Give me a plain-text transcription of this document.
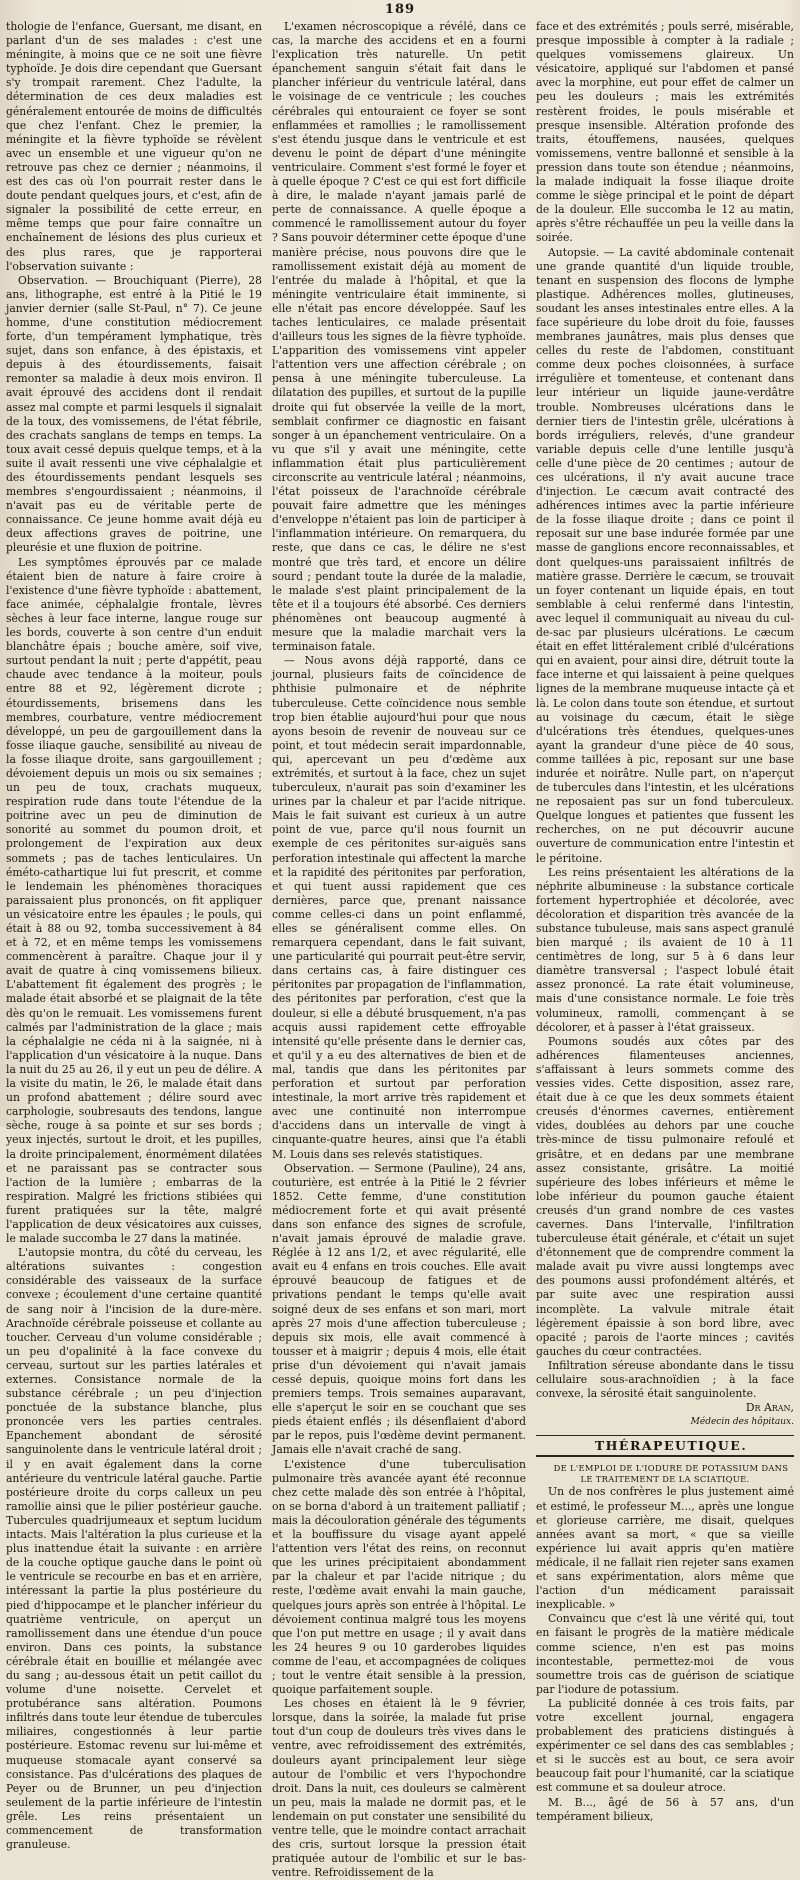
189

thologie de l'enfance, Guersant, me disant, en parlant d'un de ses malades : c'est une méningite, à moins que ce ne soit une fièvre typhoïde. Je dois dire cependant que Guersant s'y trompait rarement. Chez l'adulte, la détermination de ces deux maladies est généralement entourée de moins de difficultés que chez l'enfant. Chez le premier, la méningite et la fièvre typhoïde se révèlent avec un ensemble et une vigueur qu'on ne retrouve pas chez ce dernier ; néanmoins, il est des cas où l'on pourrait rester dans le doute pendant quelques jours, et c'est, afin de signaler la possibilité de cette erreur, en même temps que pour faire connaître un enchaînement de lésions des plus curieux et des plus rares, que je rapporterai l'observation suivante :

Observation. — Brouchiquant (Pierre), 28 ans, lithographe, est entré à la Pitié le 19 janvier dernier (salle St-Paul, n° 7). Ce jeune homme, d'une constitution médiocrement forte, d'un tempérament lymphatique, très sujet, dans son enfance, à des épistaxis, et depuis à des étourdissements, faisait remonter sa maladie à deux mois environ. Il avait éprouvé des accidens dont il rendait assez mal compte et parmi lesquels il signalait de la toux, des vomissemens, de l'état fébrile, des crachats sanglans de temps en temps. La toux avait cessé depuis quelque temps, et à la suite il avait ressenti une vive céphalalgie et des étourdissements pendant lesquels ses membres s'engourdissaient ; néanmoins, il n'avait pas eu de véritable perte de connaissance. Ce jeune homme avait déjà eu deux affections graves de poitrine, une pleurésie et une fluxion de poitrine.

Les symptômes éprouvés par ce malade étaient bien de nature à faire croire à l'existence d'une fièvre typhoïde : abattement, face animée, céphalalgie frontale, lèvres sèches à leur face interne, langue rouge sur les bords, couverte à son centre d'un enduit blanchâtre épais ; bouche amère, soif vive, surtout pendant la nuit ; perte d'appétit, peau chaude avec tendance à la moiteur, pouls entre 88 et 92, légèrement dicrote ; étourdissements, brisemens dans les membres, courbature, ventre médiocrement développé, un peu de gargouillement dans la fosse iliaque gauche, sensibilité au niveau de la fosse iliaque droite, sans gargouillement ; dévoiement depuis un mois ou six semaines ; un peu de toux, crachats muqueux, respiration rude dans toute l'étendue de la poitrine avec un peu de diminution de sonorité au sommet du poumon droit, et prolongement de l'expiration aux deux sommets ; pas de taches lenticulaires. Un éméto-cathartique lui fut prescrit, et comme le lendemain les phénomènes thoraciques paraissaient plus prononcés, on fit appliquer un vésicatoire entre les épaules ; le pouls, qui était à 88 ou 92, tomba successivement à 84 et à 72, et en même temps les vomissemens commencèrent à paraître. Chaque jour il y avait de quatre à cinq vomissemens bilieux. L'abattement fit également des progrès ; le malade était absorbé et se plaignait de la tête dès qu'on le remuait. Les vomissemens furent calmés par l'administration de la glace ; mais la céphalalgie ne céda ni à la saignée, ni à l'application d'un vésicatoire à la nuque. Dans la nuit du 25 au 26, il y eut un peu de délire. A la visite du matin, le 26, le malade était dans un profond abattement ; délire sourd avec carphologie, soubresauts des tendons, langue sèche, rouge à sa pointe et sur ses bords ; yeux injectés, surtout le droit, et les pupilles, la droite principalement, énormément dilatées et ne paraissant pas se contracter sous l'action de la lumière ; embarras de la respiration. Malgré les frictions stibiées qui furent pratiquées sur la tête, malgré l'application de deux vésicatoires aux cuisses, le malade succomba le 27 dans la matinée.

L'autopsie montra, du côté du cerveau, les altérations suivantes : congestion considérable des vaisseaux de la surface convexe ; écoulement d'une certaine quantité de sang noir à l'incision de la dure-mère. Arachnoïde cérébrale poisseuse et collante au toucher. Cerveau d'un volume considérable ; un peu d'opalinité à la face convexe du cerveau, surtout sur les parties latérales et externes. Consistance normale de la substance cérébrale ; un peu d'injection ponctuée de la substance blanche, plus prononcée vers les parties centrales. Epanchement abondant de sérosité sanguinolente dans le ventricule latéral droit ; il y en avait également dans la corne antérieure du ventricule latéral gauche. Partie postérieure droite du corps calleux un peu ramollie ainsi que le pilier postérieur gauche. Tubercules quadrijumeaux et septum lucidum intacts. Mais l'altération la plus curieuse et la plus inattendue était la suivante : en arrière de la couche optique gauche dans le point où le ventricule se recourbe en bas et en arrière, intéressant la partie la plus postérieure du pied d'hippocampe et le plancher inférieur du quatrième ventricule, on aperçut un ramollissement dans une étendue d'un pouce environ. Dans ces points, la substance cérébrale était en bouillie et mélangée avec du sang ; au-dessous était un petit caillot du volume d'une noisette. Cervelet et protubérance sans altération. Poumons infiltrés dans toute leur étendue de tubercules miliaires, congestionnés à leur partie postérieure. Estomac revenu sur lui-même et muqueuse stomacale ayant conservé sa consistance. Pas d'ulcérations des plaques de Peyer ou de Brunner, un peu d'injection seulement de la partie inférieure de l'intestin grêle. Les reins présentaient un commencement de transformation granuleuse.

L'examen nécroscopique a révélé, dans ce cas, la marche des accidens et en a fourni l'explication très naturelle. Un petit épanchement sanguin s'était fait dans le plancher inférieur du ventricule latéral, dans le voisinage de ce ventricule ; les couches cérébrales qui entouraient ce foyer se sont enflammées et ramollies ; le ramollissement s'est étendu jusque dans le ventricule et est devenu le point de départ d'une méningite ventriculaire. Comment s'est formé le foyer et à quelle époque ? C'est ce qui est fort difficile à dire, le malade n'ayant jamais parlé de perte de connaissance. A quelle époque a commencé le ramollissement autour du foyer ? Sans pouvoir déterminer cette époque d'une manière précise, nous pouvons dire que le ramollissement existait déjà au moment de l'entrée du malade à l'hôpital, et que la méningite ventriculaire était imminente, si elle n'était pas encore développée. Sauf les taches lenticulaires, ce malade présentait d'ailleurs tous les signes de la fièvre typhoïde. L'apparition des vomissemens vint appeler l'attention vers une affection cérébrale ; on pensa à une méningite tuberculeuse. La dilatation des pupilles, et surtout de la pupille droite qui fut observée la veille de la mort, semblait confirmer ce diagnostic en faisant songer à un épanchement ventriculaire. On a vu que s'il y avait une méningite, cette inflammation était plus particulièrement circonscrite au ventricule latéral ; néanmoins, l'état poisseux de l'arachnoïde cérébrale pouvait faire admettre que les méninges d'enveloppe n'étaient pas loin de participer à l'inflammation intérieure. On remarquera, du reste, que dans ce cas, le délire ne s'est montré que très tard, et encore un délire sourd ; pendant toute la durée de la maladie, le malade s'est plaint principalement de la tête et il a toujours été absorbé. Ces derniers phénomènes ont beaucoup augmenté à mesure que la maladie marchait vers la terminaison fatale.

— Nous avons déjà rapporté, dans ce journal, plusieurs faits de coïncidence de phthisie pulmonaire et de néphrite tuberculeuse. Cette coïncidence nous semble trop bien établie aujourd'hui pour que nous ayons besoin de revenir de nouveau sur ce point, et tout médecin serait impardonnable, qui, apercevant un peu d'œdème aux extrémités, et surtout à la face, chez un sujet tuberculeux, n'aurait pas soin d'examiner les urines par la chaleur et par l'acide nitrique. Mais le fait suivant est curieux à un autre point de vue, parce qu'il nous fournit un exemple de ces péritonites sur-aiguës sans perforation intestinale qui affectent la marche et la rapidité des péritonites par perforation, et qui tuent aussi rapidement que ces dernières, parce que, prenant naissance comme celles-ci dans un point enflammé, elles se généralisent comme elles. On remarquera cependant, dans le fait suivant, une particularité qui pourrait peut-être servir, dans certains cas, à faire distinguer ces péritonites par propagation de l'inflammation, des péritonites par perforation, c'est que la douleur, si elle a débuté brusquement, n'a pas acquis aussi rapidement cette effroyable intensité qu'elle présente dans le dernier cas, et qu'il y a eu des alternatives de bien et de mal, tandis que dans les péritonites par perforation et surtout par perforation intestinale, la mort arrive très rapidement et avec une continuité non interrompue d'accidens dans un intervalle de vingt à cinquante-quatre heures, ainsi que l'a établi M. Louis dans ses relevés statistiques.

Observation. — Sermone (Pauline), 24 ans, couturière, est entrée à la Pitié le 2 février 1852. Cette femme, d'une constitution médiocrement forte et qui avait présenté dans son enfance des signes de scrofule, n'avait jamais éprouvé de maladie grave. Réglée à 12 ans 1/2, et avec régularité, elle avait eu 4 enfans en trois couches. Elle avait éprouvé beaucoup de fatigues et de privations pendant le temps qu'elle avait soigné deux de ses enfans et son mari, mort après 27 mois d'une affection tuberculeuse ; depuis six mois, elle avait commencé à tousser et à maigrir ; depuis 4 mois, elle était prise d'un dévoiement qui n'avait jamais cessé depuis, quoique moins fort dans les premiers temps. Trois semaines auparavant, elle s'aperçut le soir en se couchant que ses pieds étaient enflés ; ils désenflaient d'abord par le repos, puis l'œdème devint permanent. Jamais elle n'avait craché de sang.

L'existence d'une tuberculisation pulmonaire très avancée ayant été reconnue chez cette malade dès son entrée à l'hôpital, on se borna d'abord à un traitement palliatif ; mais la découloration générale des téguments et la bouffissure du visage ayant appelé l'attention vers l'état des reins, on reconnut que les urines précipitaient abondamment par la chaleur et par l'acide nitrique ; du reste, l'œdème avait envahi la main gauche, quelques jours après son entrée à l'hôpital. Le dévoiement continua malgré tous les moyens que l'on put mettre en usage ; il y avait dans les 24 heures 9 ou 10 garderobes liquides comme de l'eau, et accompagnées de coliques ; tout le ventre était sensible à la pression, quoique parfaitement souple.

Les choses en étaient là le 9 février, lorsque, dans la soirée, la malade fut prise tout d'un coup de douleurs très vives dans le ventre, avec refroidissement des extrémités, douleurs ayant principalement leur siège autour de l'ombilic et vers l'hypochondre droit. Dans la nuit, ces douleurs se calmèrent un peu, mais la malade ne dormit pas, et le lendemain on put constater une sensibilité du ventre telle, que le moindre contact arrachait des cris, surtout lorsque la pression était pratiquée autour de l'ombilic et sur le bas-ventre. Refroidissement de la

face et des extrémités ; pouls serré, misérable, presque impossible à compter à la radiale ; quelques vomissemens glaireux. Un vésicatoire, appliqué sur l'abdomen et pansé avec la morphine, eut pour effet de calmer un peu les douleurs ; mais les extrémités restèrent froides, le pouls misérable et presque insensible. Altération profonde des traits, étouffemens, nausées, quelques vomissemens, ventre ballonné et sensible à la pression dans toute son étendue ; néanmoins, la malade indiquait la fosse iliaque droite comme le siège principal et le point de départ de la douleur. Elle succomba le 12 au matin, après s'être réchauffée un peu la veille dans la soirée.

Autopsie. — La cavité abdominale contenait une grande quantité d'un liquide trouble, tenant en suspension des flocons de lymphe plastique. Adhérences molles, glutineuses, soudant les anses intestinales entre elles. A la face supérieure du lobe droit du foie, fausses membranes jaunâtres, mais plus denses que celles du reste de l'abdomen, constituant comme deux poches cloisonnées, à surface irrégulière et tomenteuse, et contenant dans leur intérieur un liquide jaune-verdâtre trouble. Nombreuses ulcérations dans le dernier tiers de l'intestin grêle, ulcérations à bords irréguliers, relevés, d'une grandeur variable depuis celle d'une lentille jusqu'à celle d'une pièce de 20 centimes ; autour de ces ulcérations, il n'y avait aucune trace d'injection. Le cæcum avait contracté des adhérences intimes avec la partie inférieure de la fosse iliaque droite ; dans ce point il reposait sur une base indurée formée par une masse de ganglions encore reconnaissables, et dont quelques-uns paraissaient infiltrés de matière grasse. Derrière le cæcum, se trouvait un foyer contenant un liquide épais, en tout semblable à celui renfermé dans l'intestin, avec lequel il communiquait au niveau du cul-de-sac par plusieurs ulcérations. Le cæcum était en effet littéralement criblé d'ulcérations qui en avaient, pour ainsi dire, détruit toute la face interne et qui laissaient à peine quelques lignes de la membrane muqueuse intacte çà et là. Le colon dans toute son étendue, et surtout au voisinage du cæcum, était le siège d'ulcérations très étendues, quelques-unes ayant la grandeur d'une pièce de 40 sous, comme taillées à pic, reposant sur une base indurée et noirâtre. Nulle part, on n'aperçut de tubercules dans l'intestin, et les ulcérations ne reposaient pas sur un fond tuberculeux. Quelque longues et patientes que fussent les recherches, on ne put découvrir aucune ouverture de communication entre l'intestin et le péritoine.

Les reins présentaient les altérations de la néphrite albumineuse : la substance corticale fortement hypertrophiée et décolorée, avec décoloration et disparition très avancée de la substance tubuleuse, mais sans aspect granulé bien marqué ; ils avaient de 10 à 11 centimètres de long, sur 5 à 6 dans leur diamètre transversal ; l'aspect lobulé était assez prononcé. La rate était volumineuse, mais d'une consistance normale. Le foie très volumineux, ramolli, commençant à se décolorer, et à passer à l'état graisseux.

Poumons soudés aux côtes par des adhérences filamenteuses anciennes, s'affaissant à leurs sommets comme des vessies vides. Cette disposition, assez rare, était due à ce que les deux sommets étaient creusés d'énormes cavernes, entièrement vides, doublées au dehors par une couche très-mince de tissu pulmonaire refoulé et grisâtre, et en dedans par une membrane assez consistante, grisâtre. La moitié supérieure des lobes inférieurs et même le lobe inférieur du poumon gauche étaient creusés d'un grand nombre de ces vastes cavernes. Dans l'intervalle, l'infiltration tuberculeuse était générale, et c'était un sujet d'étonnement que de comprendre comment la malade avait pu vivre aussi longtemps avec des poumons aussi profondément altérés, et par suite avec une respiration aussi incomplète. La valvule mitrale était légèrement épaissie à son bord libre, avec opacité ; parois de l'aorte minces ; cavités gauches du cœur contractées.

Infiltration séreuse abondante dans le tissu cellulaire sous-arachnoïdien ; à la face convexe, la sérosité était sanguinolente.

Dr Aran,
Médecin des hôpitaux.

THÉRAPEUTIQUE.

DE L'EMPLOI DE L'IODURE DE POTASSIUM DANS LE TRAITEMENT DE LA SCIATIQUE.

Un de nos confrères le plus justement aimé et estimé, le professeur M..., après une longue et glorieuse carrière, me disait, quelques années avant sa mort, « que sa vieille expérience lui avait appris qu'en matière médicale, il ne fallait rien rejeter sans examen et sans expérimentation, alors même que l'action d'un médicament paraissait inexplicable. »

Convaincu que c'est là une vérité qui, tout en faisant le progrès de la matière médicale comme science, n'en est pas moins incontestable, permettez-moi de vous soumettre trois cas de guérison de sciatique par l'iodure de potassium.

La publicité donnée à ces trois faits, par votre excellent journal, engagera probablement des praticiens distingués à expérimenter ce sel dans des cas semblables ; et si le succès est au bout, ce sera avoir beaucoup fait pour l'humanité, car la sciatique est commune et sa douleur atroce.

M. B..., âgé de 56 à 57 ans, d'un tempérament bilieux,
